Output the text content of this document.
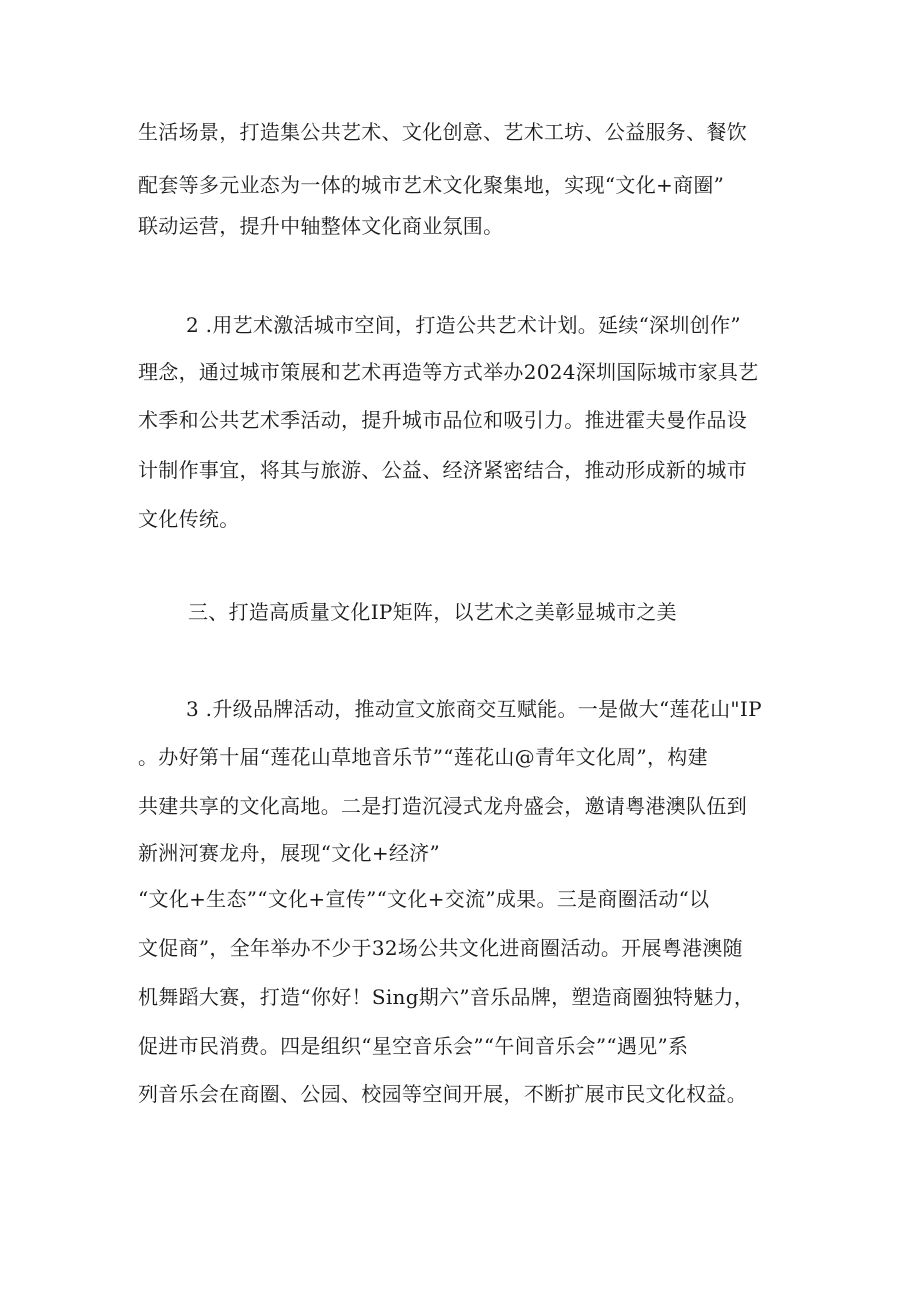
生活场景，打造集公共艺术、文化创意、艺术工坊、公益服务、餐饮
配套等多元业态为一体的城市艺术文化聚集地，实现“文化+商圈”
联动运营，提升中轴整体文化商业氛围。
2 .用艺术激活城市空间，打造公共艺术计划。延续“深圳创作”
理念，通过城市策展和艺术再造等方式举办2024深圳国际城市家具艺
术季和公共艺术季活动，提升城市品位和吸引力。推进霍夫曼作品设
计制作事宜，将其与旅游、公益、经济紧密结合，推动形成新的城市
文化传统。
三、打造高质量文化IP矩阵，以艺术之美彰显城市之美
3 .升级品牌活动，推动宣文旅商交互赋能。一是做大“莲花山"IP
。办好第十届“莲花山草地音乐节”“莲花山@青年文化周”，构建
共建共享的文化高地。二是打造沉浸式龙舟盛会，邀请粤港澳队伍到
新洲河赛龙舟，展现“文化+经济”
“文化+生态”“文化+宣传”“文化+交流”成果。三是商圈活动“以
文促商”，全年举办不少于32场公共文化进商圈活动。开展粤港澳随
机舞蹈大赛，打造“你好！Sing期六”音乐品牌，塑造商圈独特魅力，
促进市民消费。四是组织“星空音乐会”“午间音乐会”“遇见”系
列音乐会在商圈、公园、校园等空间开展，不断扩展市民文化权益。
